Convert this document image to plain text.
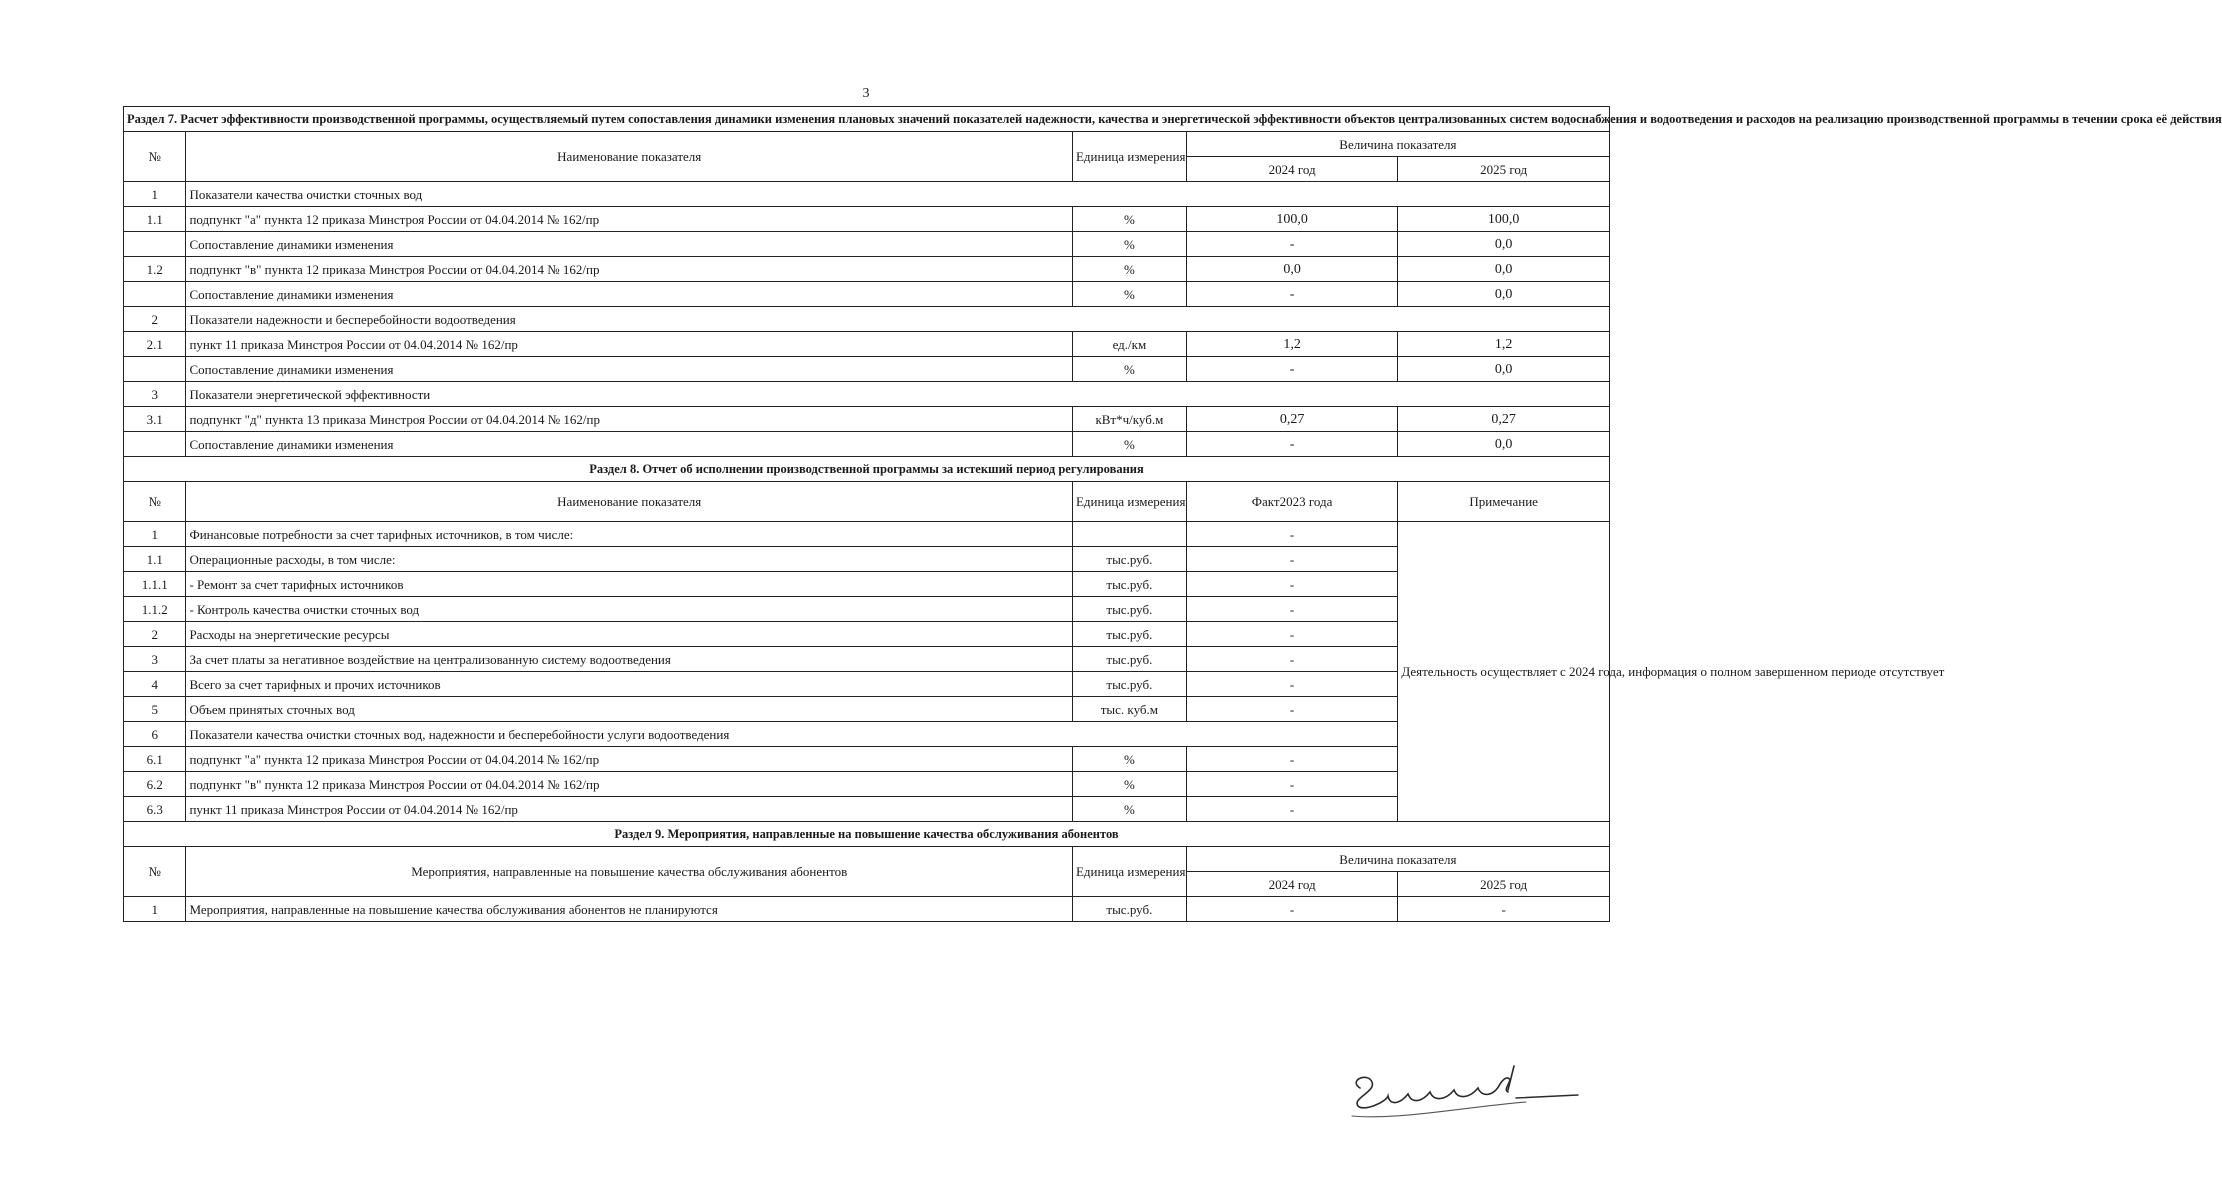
3
Раздел 7. Расчет эффективности производственной программы, осуществляемый путем сопоставления динамики изменения плановых значений показателей надежности, качества и энергетической эффективности объектов централизованных систем водоснабжения и водоотведения и расходов на реализацию производственной программы в течении срока её действия				
№	Наименование показателя	Единица измерения	Величина показателя	
			2024 год	2025 год
1	Показатели качества очистки сточных вод			
1.1	подпункт "а" пункта 12 приказа Минстроя России от 04.04.2014 № 162/пр	%	100,0	100,0
	Сопоставление динамики изменения	%	-	0,0
1.2	подпункт "в" пункта 12 приказа Минстроя России от 04.04.2014 № 162/пр	%	0,0	0,0
	Сопоставление динамики изменения	%	-	0,0
2	Показатели надежности и бесперебойности водоотведения			
2.1	пункт 11 приказа Минстроя России от 04.04.2014 № 162/пр	ед./км	1,2	1,2
	Сопоставление динамики изменения	%	-	0,0
3	Показатели энергетической эффективности			
3.1	подпункт "д" пункта 13 приказа Минстроя России от 04.04.2014 № 162/пр	кВт*ч/куб.м	0,27	0,27
	Сопоставление динамики изменения	%	-	0,0
Раздел 8. Отчет об исполнении производственной программы за истекший период регулирования				
№	Наименование показателя	Единица измерения	Факт2023 года	Примечание
1	Финансовые потребности за счет тарифных источников, в том числе:		-	Деятельность осуществляет с 2024 года, информация о полном завершенном периоде отсутствует
1.1	Операционные расходы, в том числе:	тыс.руб.	-	
1.1.1	- Ремонт за счет тарифных источников	тыс.руб.	-	
1.1.2	- Контроль качества очистки сточных вод	тыс.руб.	-	
2	Расходы на энергетические ресурсы	тыс.руб.	-	
3	За счет платы за негативное воздействие на централизованную систему водоотведения	тыс.руб.	-	
4	Всего за счет тарифных и прочих источников	тыс.руб.	-	
5	Объем принятых сточных вод	тыс. куб.м	-	
6	Показатели качества очистки сточных вод, надежности и бесперебойности услуги водоотведения			
6.1	подпункт "а" пункта 12 приказа Минстроя России от 04.04.2014 № 162/пр	%	-	
6.2	подпункт "в" пункта 12 приказа Минстроя России от 04.04.2014 № 162/пр	%	-	
6.3	пункт 11 приказа Минстроя России от 04.04.2014 № 162/пр	%	-	
Раздел 9. Мероприятия, направленные на повышение качества обслуживания абонентов				
№	Мероприятия, направленные на повышение качества обслуживания абонентов	Единица измерения	Величина показателя	
			2024 год	2025 год
1	Мероприятия, направленные на повышение качества обслуживания абонентов не планируются	тыс.руб.	-	-
